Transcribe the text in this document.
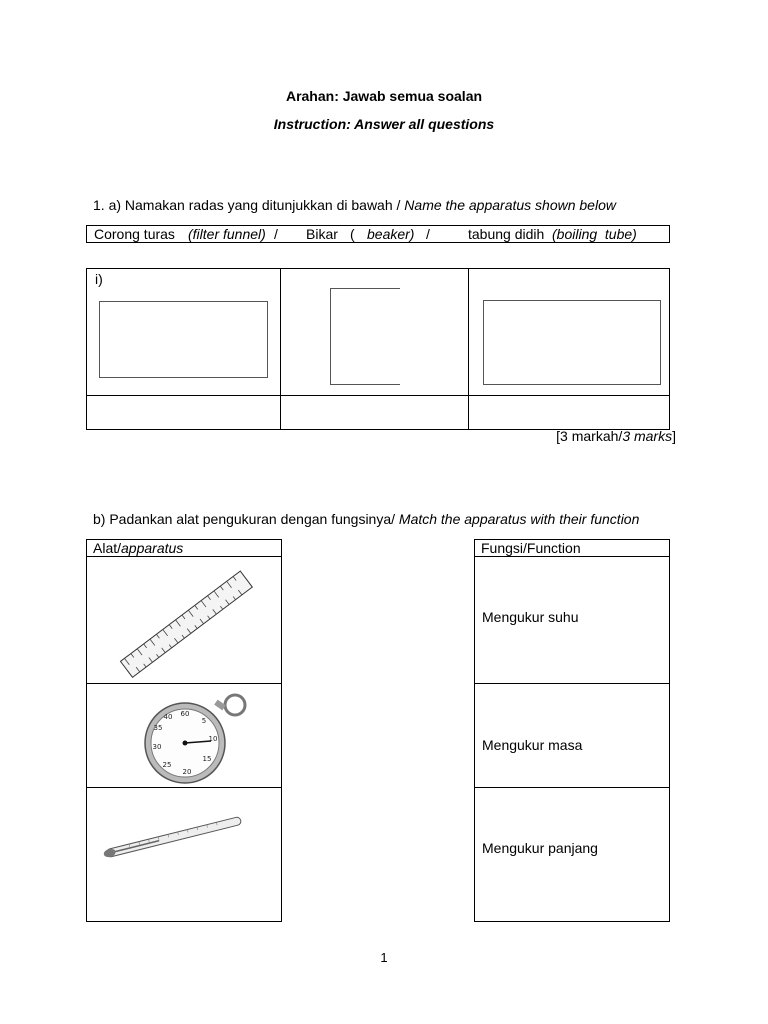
Arahan: Jawab semua soalan
Instruction: Answer all questions
1. a) Namakan radas yang ditunjukkan di bawah / Name the apparatus shown below
Corong turas (filter funnel) / Bikar ( beaker) /	tabung didih (boiling  tube)
i)
[3 markah/3 marks]
b) Padankan alat pengukuran dengan fungsinya/ Match the apparatus with their function
Alat/apparatus
60
5
10
15
20
25
30
35
40
Fungsi/Function
Mengukur suhu
Mengukur masa
Mengukur panjang
1
